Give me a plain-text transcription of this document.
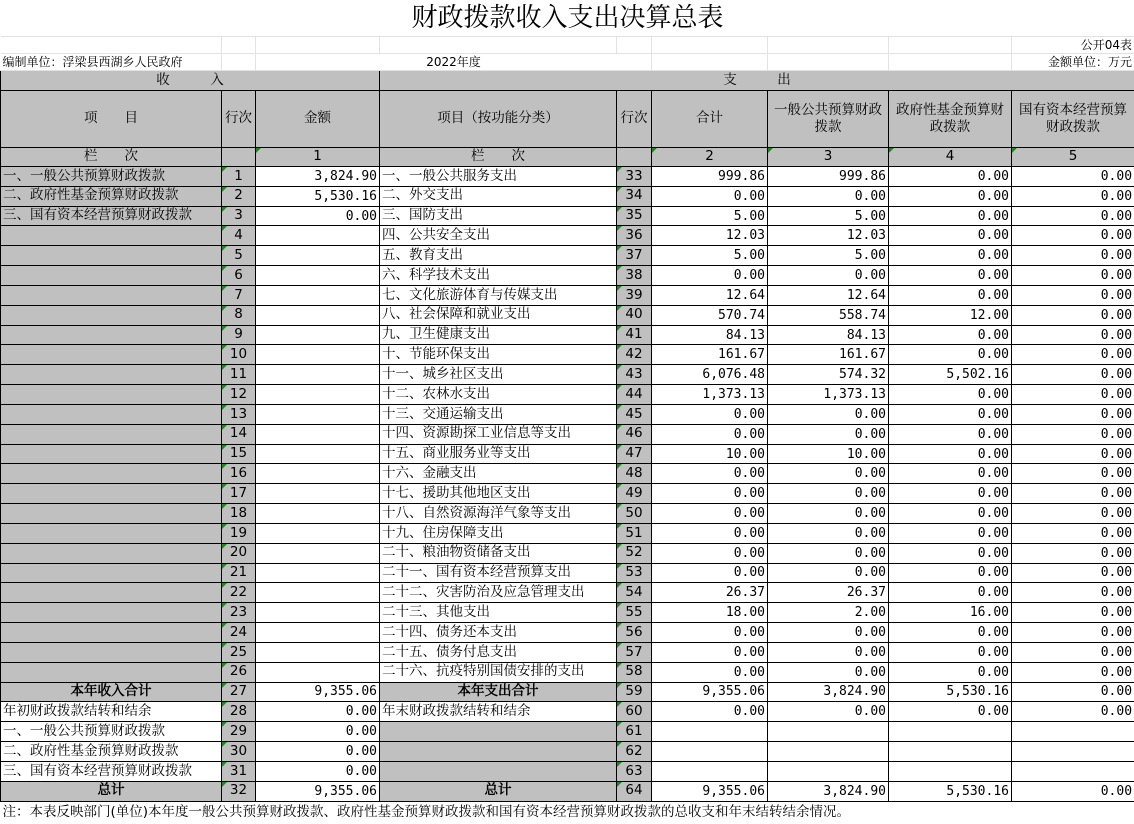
财政拨款收入支出决算总表								
								公开04表
编制单位：浮梁县西湖乡人民政府		2022年度						金额单位：万元
收　　　入			支　　　出					
项　　目	行次	金额	项目（按功能分类）	行次	合计	一般公共预算财政拨款	政府性基金预算财政拨款	国有资本经营预算财政拨款
栏　　次		1	栏　　次		2	3	4	5
一、一般公共预算财政拨款	1	3,824.90	一、一般公共服务支出	33	999.86	999.86	0.00	0.00
二、政府性基金预算财政拨款	2	5,530.16	二、外交支出	34	0.00	0.00	0.00	0.00
三、国有资本经营预算财政拨款	3	0.00	三、国防支出	35	5.00	5.00	0.00	0.00
	4		四、公共安全支出	36	12.03	12.03	0.00	0.00
	5		五、教育支出	37	5.00	5.00	0.00	0.00
	6		六、科学技术支出	38	0.00	0.00	0.00	0.00
	7		七、文化旅游体育与传媒支出	39	12.64	12.64	0.00	0.00
	8		八、社会保障和就业支出	40	570.74	558.74	12.00	0.00
	9		九、卫生健康支出	41	84.13	84.13	0.00	0.00
	10		十、节能环保支出	42	161.67	161.67	0.00	0.00
	11		十一、城乡社区支出	43	6,076.48	574.32	5,502.16	0.00
	12		十二、农林水支出	44	1,373.13	1,373.13	0.00	0.00
	13		十三、交通运输支出	45	0.00	0.00	0.00	0.00
	14		十四、资源勘探工业信息等支出	46	0.00	0.00	0.00	0.00
	15		十五、商业服务业等支出	47	10.00	10.00	0.00	0.00
	16		十六、金融支出	48	0.00	0.00	0.00	0.00
	17		十七、援助其他地区支出	49	0.00	0.00	0.00	0.00
	18		十八、自然资源海洋气象等支出	50	0.00	0.00	0.00	0.00
	19		十九、住房保障支出	51	0.00	0.00	0.00	0.00
	20		二十、粮油物资储备支出	52	0.00	0.00	0.00	0.00
	21		二十一、国有资本经营预算支出	53	0.00	0.00	0.00	0.00
	22		二十二、灾害防治及应急管理支出	54	26.37	26.37	0.00	0.00
	23		二十三、其他支出	55	18.00	2.00	16.00	0.00
	24		二十四、债务还本支出	56	0.00	0.00	0.00	0.00
	25		二十五、债务付息支出	57	0.00	0.00	0.00	0.00
	26		二十六、抗疫特别国债安排的支出	58	0.00	0.00	0.00	0.00
本年收入合计	27	9,355.06	本年支出合计	59	9,355.06	3,824.90	5,530.16	0.00
年初财政拨款结转和结余	28	0.00	年末财政拨款结转和结余	60	0.00	0.00	0.00	0.00
一、一般公共预算财政拨款	29	0.00		61				
二、政府性基金预算财政拨款	30	0.00		62				
三、国有资本经营预算财政拨款	31	0.00		63				
总计	32	9,355.06	总计	64	9,355.06	3,824.90	5,530.16	0.00
注：本表反映部门(单位)本年度一般公共预算财政拨款、政府性基金预算财政拨款和国有资本经营预算财政拨款的总收支和年末结转结余情况。								
